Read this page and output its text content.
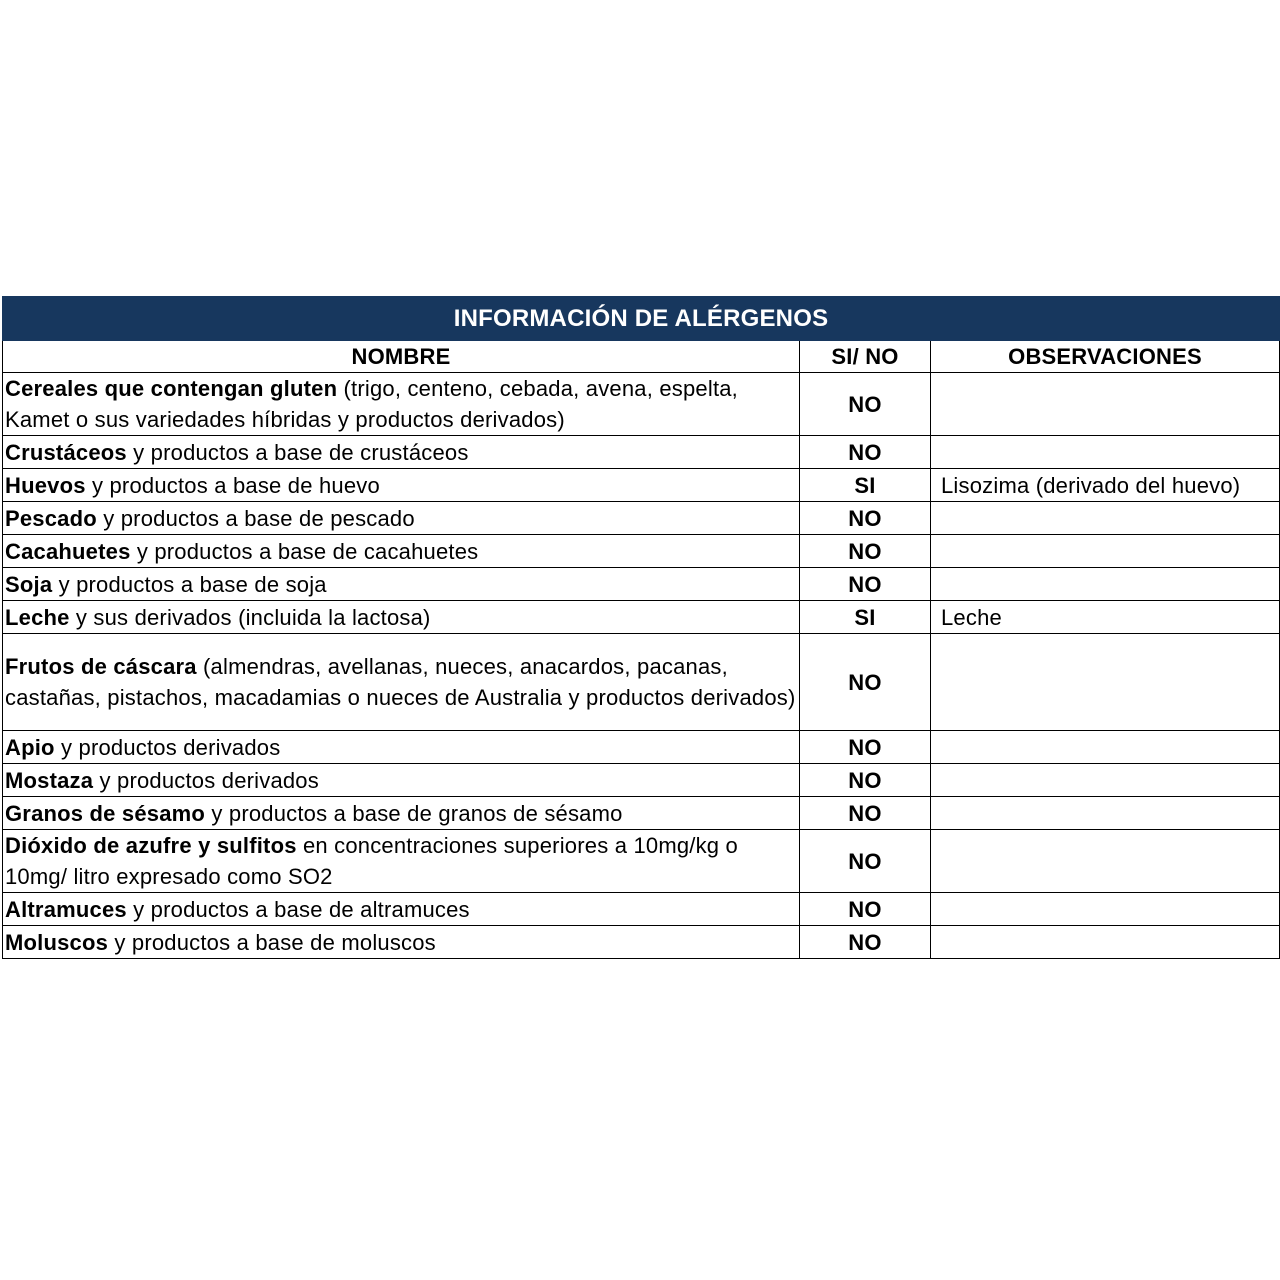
INFORMACIÓN DE ALÉRGENOS		
NOMBRE	SI/ NO	OBSERVACIONES
Cereales que contengan gluten (trigo, centeno, cebada, avena, espelta, Kamet o sus variedades híbridas y productos derivados)	NO	
Crustáceos y productos a base de crustáceos	NO	
Huevos y productos a base de huevo	SI	Lisozima (derivado del huevo)
Pescado y productos a base de pescado	NO	
Cacahuetes y productos a base de cacahuetes	NO	
Soja y productos a base de soja	NO	
Leche y sus derivados (incluida la lactosa)	SI	Leche
Frutos de cáscara (almendras, avellanas, nueces, anacardos, pacanas, castañas, pistachos, macadamias o nueces de Australia y productos derivados)	NO	
Apio y productos derivados	NO	
Mostaza y productos derivados	NO	
Granos de sésamo y productos a base de granos de sésamo	NO	
Dióxido de azufre y sulfitos en concentraciones superiores a 10mg/kg o 10mg/ litro expresado como SO2	NO	
Altramuces y productos a base de altramuces	NO	
Moluscos y productos a base de moluscos	NO	
